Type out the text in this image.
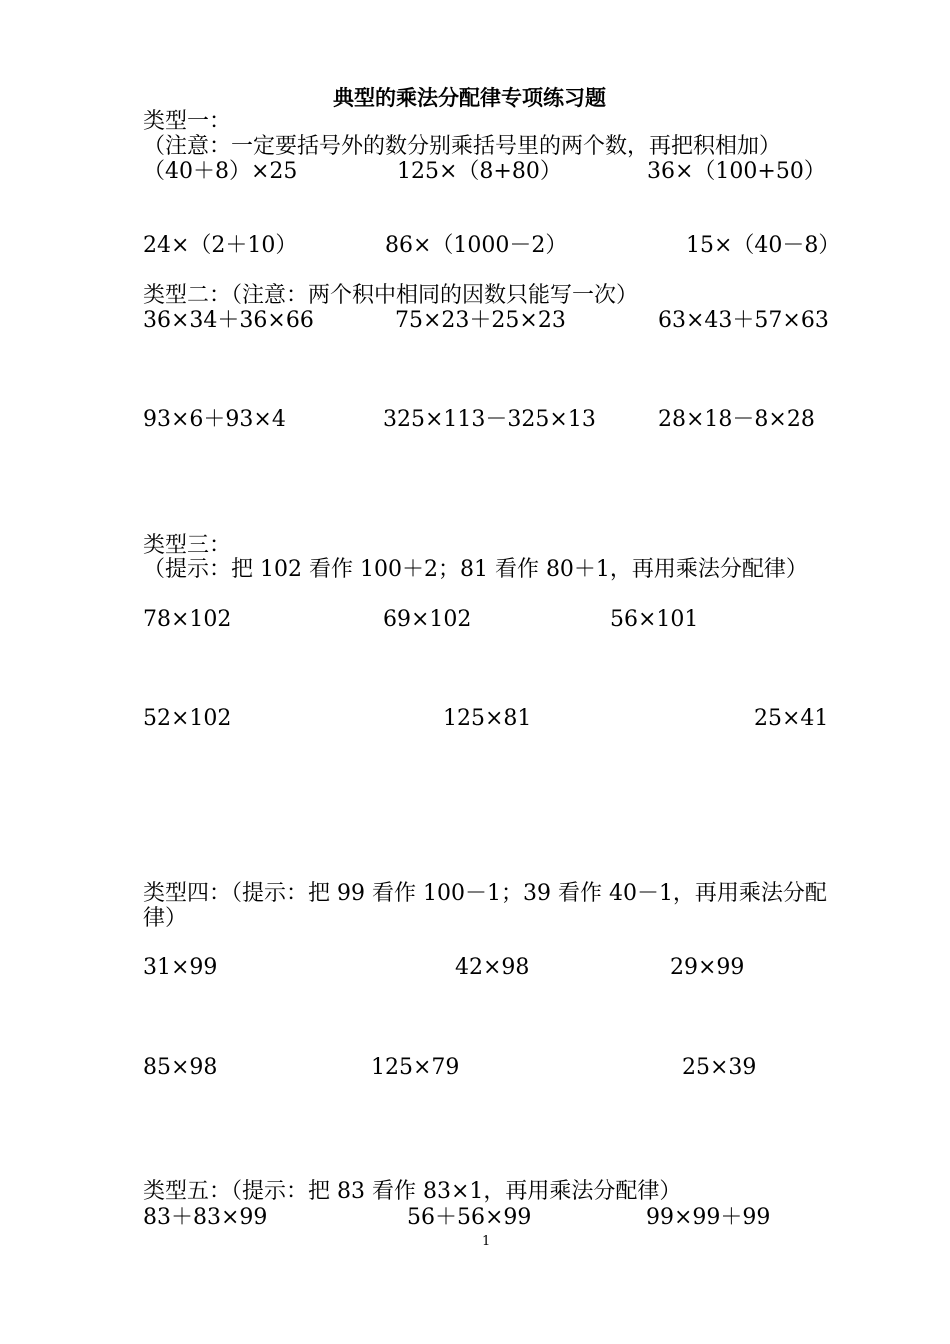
典型的乘法分配律专项练习题
类型一：
（注意：一定要括号外的数分别乘括号里的两个数，再把积相加）
（40＋8）×25	125×（8+80）	36×（100+50）
24×（2＋10）	86×（1000－2）	15×（40－8）
类型二：（注意：两个积中相同的因数只能写一次）
36×34＋36×66	75×23＋25×23	63×43＋57×63
93×6＋93×4	325×113－325×13	28×18－8×28
类型三：
（提示：把 102 看作 100＋2；81 看作 80＋1，再用乘法分配律）
78×102	69×102	56×101
52×102	125×81	25×41
类型四：（提示：把 99 看作 100－1；39 看作 40－1，再用乘法分配
律）
31×99	42×98	29×99
85×98	125×79	25×39
类型五：（提示：把 83 看作 83×1，再用乘法分配律）
83＋83×99	56＋56×99	99×99＋99
1
